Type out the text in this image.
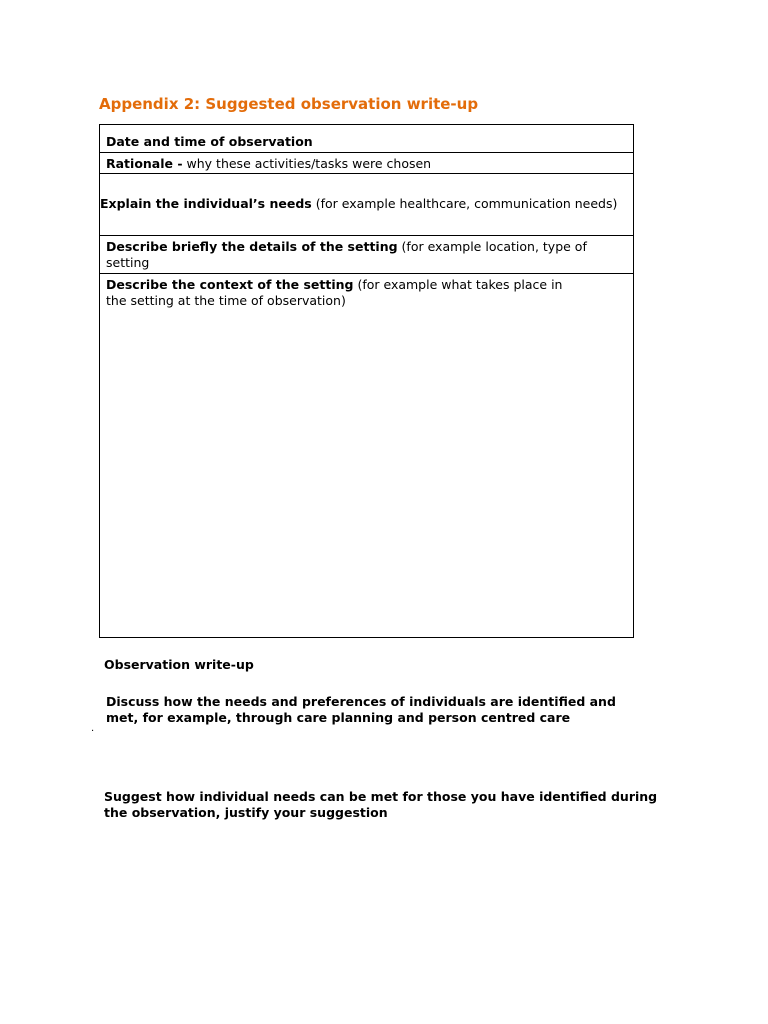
Appendix 2: Suggested observation write-up
Date and time of observation
Rationale - why these activities/tasks were chosen
Explain the individual’s needs (for example healthcare, communication needs)
Describe briefly the details of the setting (for example location, type of setting
Describe the context of the setting (for example what takes place in the setting at the time of observation)

Observation write-up

Discuss how the needs and preferences of individuals are identified and met, for example, through care planning and person centred care

·

Suggest how individual needs can be met for those you have identified during the observation, justify your suggestion
